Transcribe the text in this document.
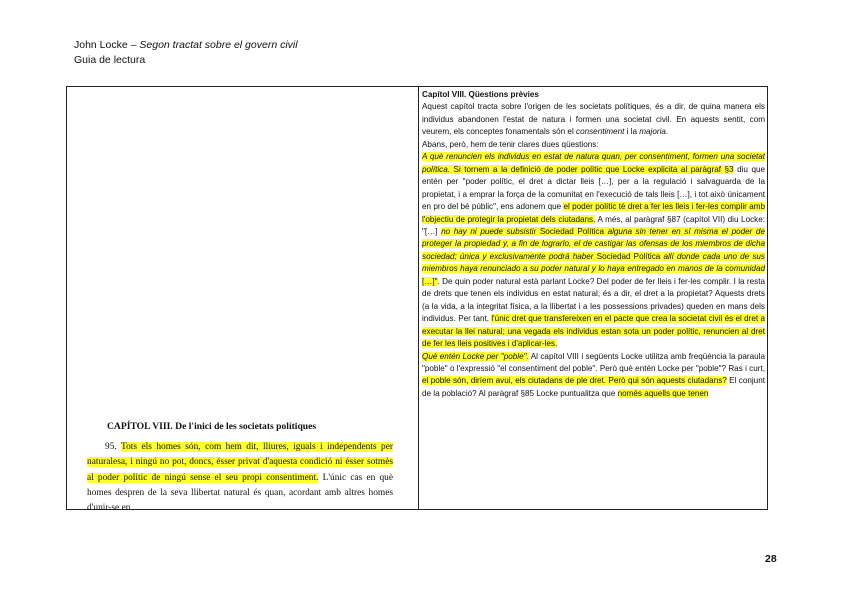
John Locke – Segon tractat sobre el govern civil
Guia de lectura

CAPÍTOL VIII. De l'inici de les societats polítiques

95. Tots els homes són, com hem dit, lliures, iguals i independents per naturalesa, i ningú no pot, doncs, ésser privat d'aquesta condició ni ésser sotmès al poder polític de ningú sense el seu propi consentiment. L'únic cas en què homes despren de la seva llibertat natural és quan, acordant amb altres homes d'unir-se en

Capítol VIII. Qüestions prèvies

Aquest capítol tracta sobre l'origen de les societats polítiques, és a dir, de quina manera els individus abandonen l'estat de natura i formen una societat civil. En aquests sentit, com veurem, els conceptes fonamentals són el consentiment i la majoria.

Abans, però, hem de tenir clares dues qüestions:

A què renuncien els individus en estat de natura quan, per consentiment, formen una societat política. Si tornem a la definició de poder polític que Locke explicita al paràgraf §3 diu que entén per "poder polític, el dret a dictar lleis […], per a la regulació i salvaguarda de la propietat, i a emprar la força de la comunitat en l'execució de tals lleis […], i tot això únicament en pro del bé públic", ens adonem que el poder polític té dret a fer les lleis i fer-les complir amb l'objectiu de protegir la propietat dels ciutadans. A més, al paràgraf §87 (capítol VII) diu Locke: "[…] no hay ni puede subsistir Sociedad Política alguna sin tener en sí misma el poder de proteger la propiedad y, a fin de lograrlo, el de castigar las ofensas de los miembros de dicha sociedad; única y exclusivamente podrá haber Sociedad Política allí donde cada uno de sus miembros haya renunciado a su poder natural y lo haya entregado en manos de la comunidad […]". De quin poder natural està parlant Locke? Del poder de fer lleis i fer-les complir. I la resta de drets que tenen els individus en estat natural, és a dir, el dret a la propietat? Aquests drets (a la vida, a la integritat física, a la llibertat i a les possessions privades) queden en mans dels individus. Per tant, l'únic dret que transfereixen en el pacte que crea la societat civil és el dret a executar la llei natural; una vegada els individus estan sota un poder polític, renuncien al dret de fer les lleis positives i d'aplicar-les.

Què entén Locke per "poble". Al capítol VIII i següents Locke utilitza amb freqüència la paraula "poble" o l'expressió "el consentiment del poble". Però què entén Locke per "poble"? Ras i curt, el poble són, diríem avui, els ciutadans de ple dret. Però qui són aquests ciutadans? El conjunt de la població? Al paràgraf §85 Locke puntualitza que només aquells que tenen

28
